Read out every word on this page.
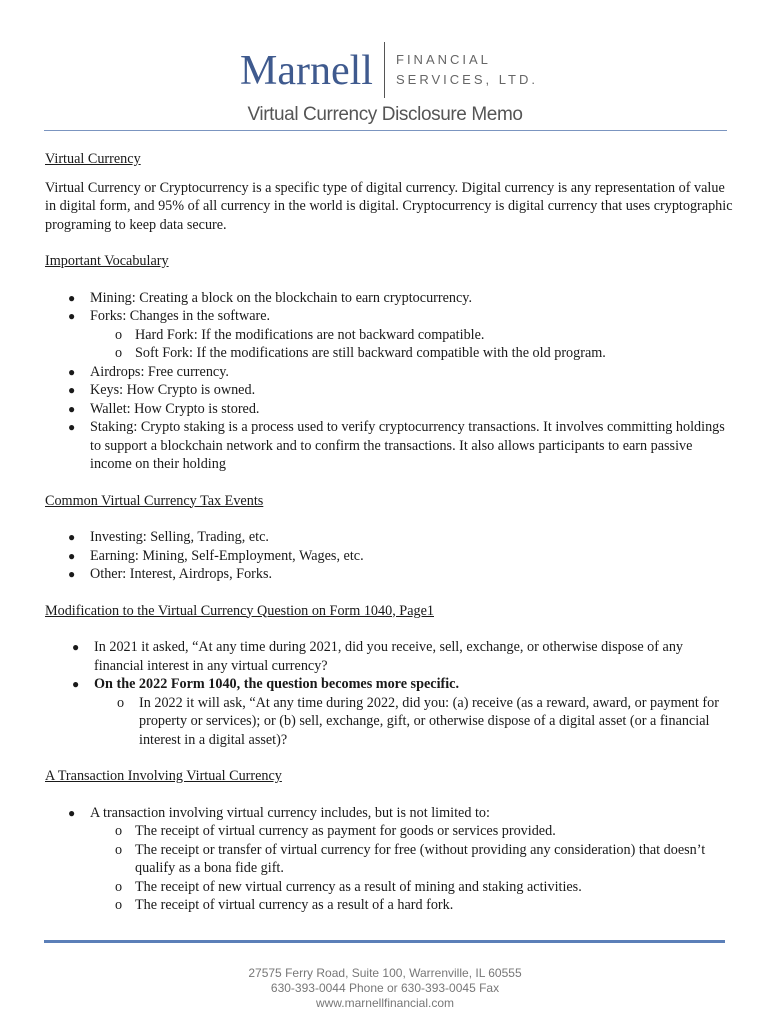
Marnell FINANCIAL
SERVICES, LTD.
Virtual Currency Disclosure Memo
Virtual Currency

Virtual Currency or Cryptocurrency is a specific type of digital currency. Digital currency is any representation of value in digital form, and 95% of all currency in the world is digital. Cryptocurrency is digital currency that uses cryptographic programing to keep data secure.

Important Vocabulary
● Mining: Creating a block on the blockchain to earn cryptocurrency.
● Forks: Changes in the software.
o Hard Fork: If the modifications are not backward compatible.
o Soft Fork: If the modifications are still backward compatible with the old program.
● Airdrops: Free currency.
● Keys: How Crypto is owned.
● Wallet: How Crypto is stored.
● Staking: Crypto staking is a process used to verify cryptocurrency transactions. It involves committing holdings to support a blockchain network and to confirm the transactions. It also allows participants to earn passive income on their holding
Common Virtual Currency Tax Events
● Investing: Selling, Trading, etc.
● Earning: Mining, Self-Employment, Wages, etc.
● Other: Interest, Airdrops, Forks.
Modification to the Virtual Currency Question on Form 1040, Page1
● In 2021 it asked, “At any time during 2021, did you receive, sell, exchange, or otherwise dispose of any financial interest in any virtual currency?
● On the 2022 Form 1040, the question becomes more specific.
o In 2022 it will ask, “At any time during 2022, did you: (a) receive (as a reward, award, or payment for property or services); or (b) sell, exchange, gift, or otherwise dispose of a digital asset (or a financial interest in a digital asset)?
A Transaction Involving Virtual Currency
● A transaction involving virtual currency includes, but is not limited to:
o The receipt of virtual currency as payment for goods or services provided.
o The receipt or transfer of virtual currency for free (without providing any consideration) that doesn’t qualify as a bona fide gift.
o The receipt of new virtual currency as a result of mining and staking activities.
o The receipt of virtual currency as a result of a hard fork.
27575 Ferry Road, Suite 100, Warrenville, IL 60555
630-393-0044 Phone or 630-393-0045 Fax
www.marnellfinancial.com
